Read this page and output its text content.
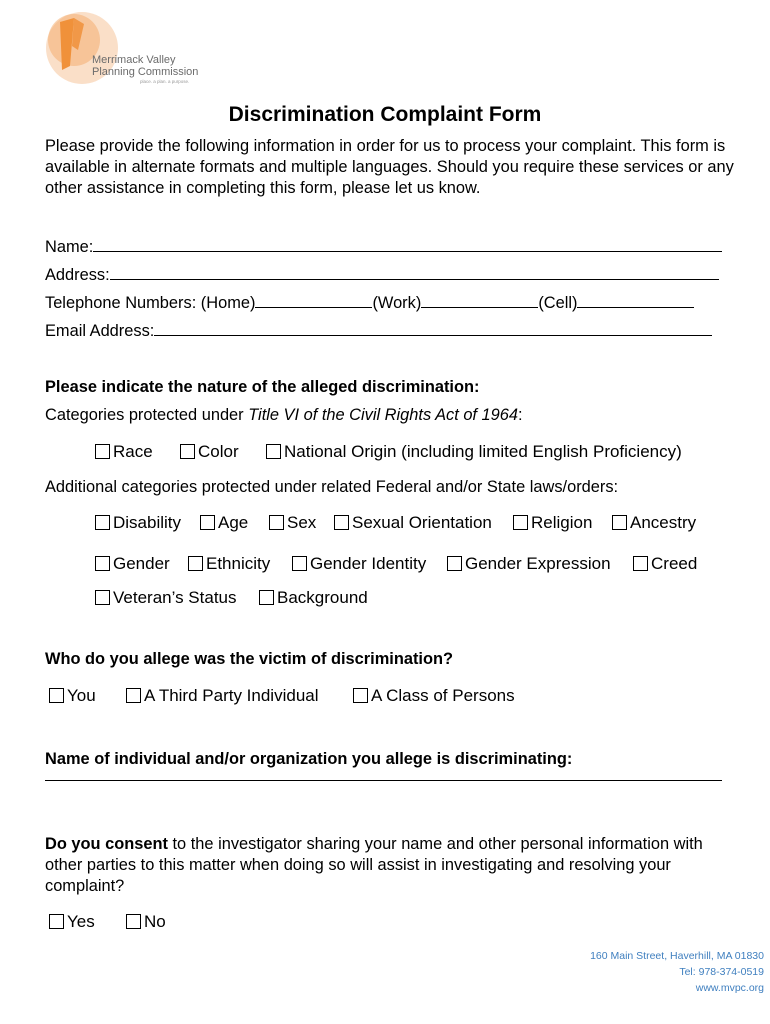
Merrimack Valley
Planning Commission
place. a plan. a purpose.
Discrimination Complaint Form
Please provide the following information in order for us to process your complaint. This form is available in alternate formats and multiple languages. Should you require these services or any other assistance in completing this form, please let us know.
Name:
Address:
Telephone Numbers: (Home)	(Work)	(Cell)
Email Address:
Please indicate the nature of the alleged discrimination:
Categories protected under Title VI of the Civil Rights Act of 1964:
Race	Color	National Origin (including limited English Proficiency)
Additional categories protected under related Federal and/or State laws/orders:
Disability Age Sex Sexual Orientation Religion Ancestry
Gender Ethnicity Gender Identity Gender Expression Creed
Veteran’s Status Background
Who do you allege was the victim of discrimination?
You	A Third Party Individual	A Class of Persons
Name of individual and/or organization you allege is discriminating:
Do you consent to the investigator sharing your name and other personal information with other parties to this matter when doing so will assist in investigating and resolving your complaint?
Yes	No
160 Main Street, Haverhill, MA 01830
Tel: 978-374-0519
www.mvpc.org
